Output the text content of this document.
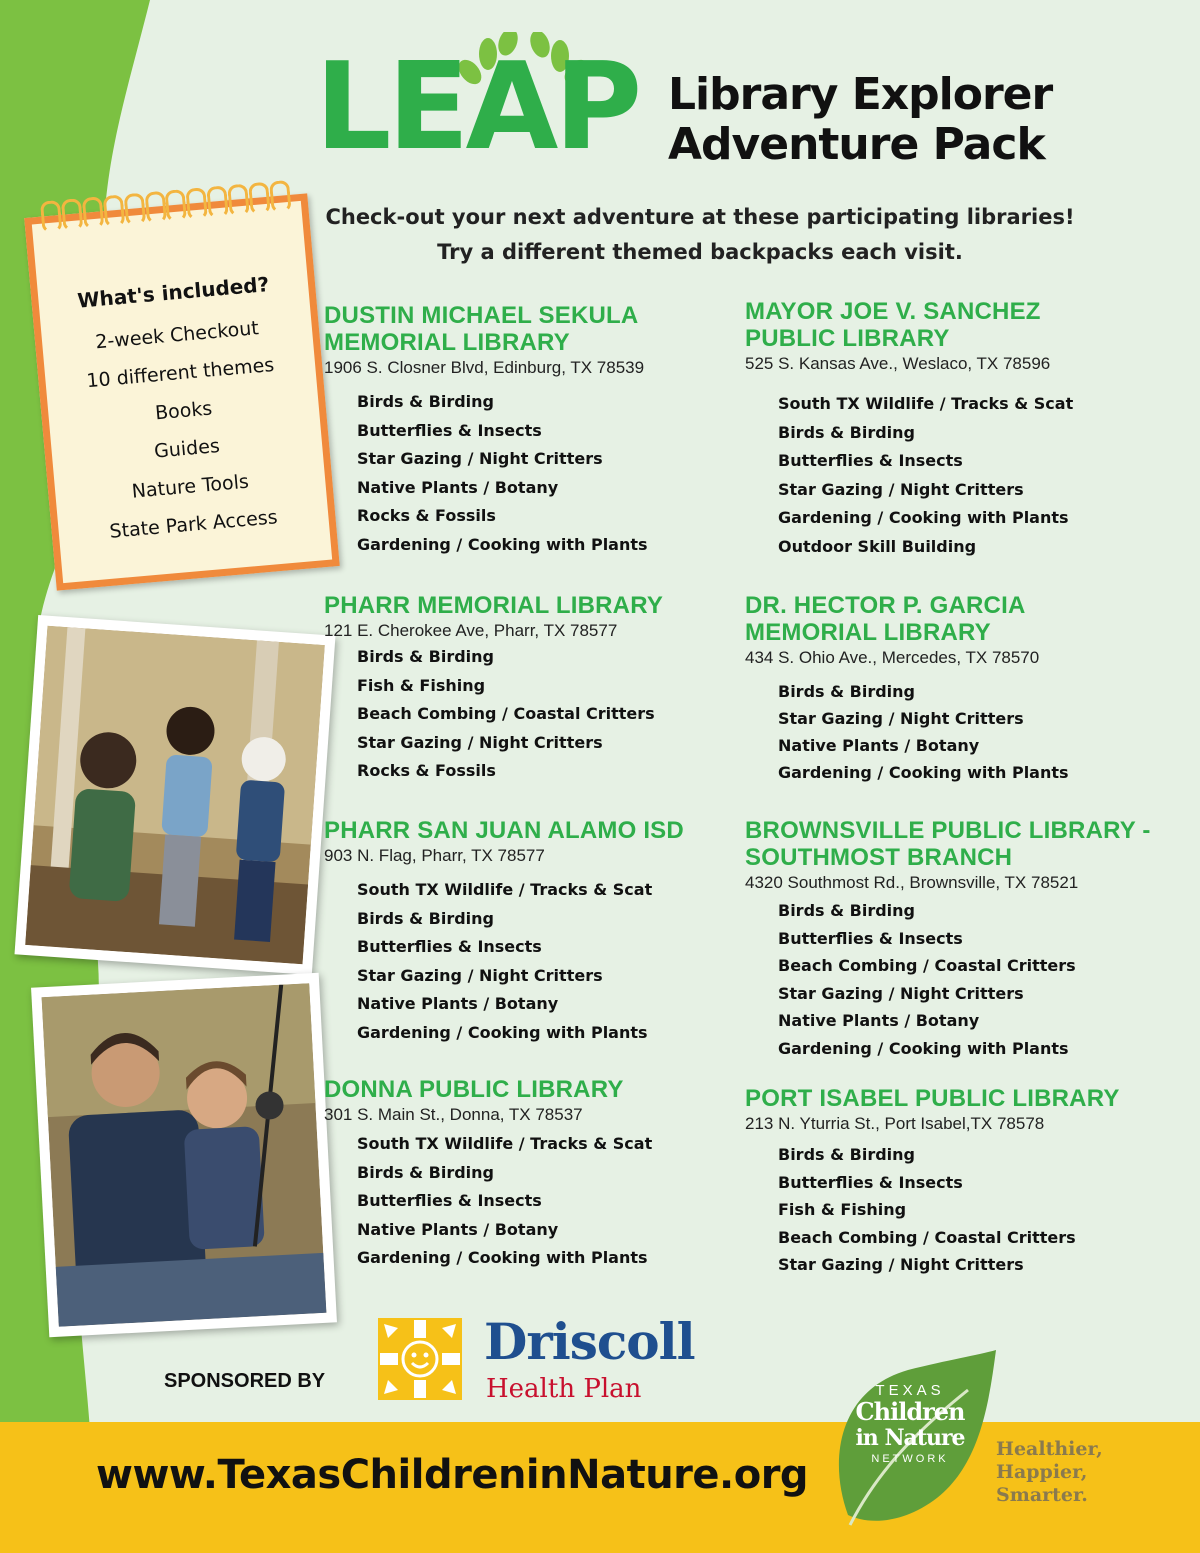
LEAP Library Explorer
Adventure Pack
Check-out your next adventure at these participating libraries!
Try a different themed backpacks each visit.
What's included?
2-week Checkout
10 different themes
Books
Guides
Nature Tools
State Park Access
DUSTIN MICHAEL SEKULA
MEMORIAL LIBRARY
1906 S. Closner Blvd, Edinburg, TX 78539
Birds & Birding
Butterflies & Insects
Star Gazing / Night Critters
Native Plants / Botany
Rocks & Fossils
Gardening / Cooking with Plants
PHARR MEMORIAL LIBRARY
121 E. Cherokee Ave, Pharr, TX 78577
Birds & Birding
Fish & Fishing
Beach Combing / Coastal Critters
Star Gazing / Night Critters
Rocks & Fossils
PHARR SAN JUAN ALAMO ISD
903 N. Flag, Pharr, TX 78577
South TX Wildlife / Tracks & Scat
Birds & Birding
Butterflies & Insects
Star Gazing / Night Critters
Native Plants / Botany
Gardening / Cooking with Plants
DONNA PUBLIC LIBRARY
301 S. Main St., Donna, TX 78537
South TX Wildlife / Tracks & Scat
Birds & Birding
Butterflies & Insects
Native Plants / Botany
Gardening / Cooking with Plants
MAYOR JOE V. SANCHEZ
PUBLIC LIBRARY
525 S. Kansas Ave., Weslaco, TX 78596
South TX Wildlife / Tracks & Scat
Birds & Birding
Butterflies & Insects
Star Gazing / Night Critters
Gardening / Cooking with Plants
Outdoor Skill Building
DR. HECTOR P. GARCIA
MEMORIAL LIBRARY
434 S. Ohio Ave., Mercedes, TX 78570
Birds & Birding
Star Gazing / Night Critters
Native Plants / Botany
Gardening / Cooking with Plants
BROWNSVILLE PUBLIC LIBRARY -
SOUTHMOST BRANCH
4320 Southmost Rd., Brownsville, TX 78521
Birds & Birding
Butterflies & Insects
Beach Combing / Coastal Critters
Star Gazing / Night Critters
Native Plants / Botany
Gardening / Cooking with Plants
PORT ISABEL PUBLIC LIBRARY
213 N. Yturria St., Port Isabel,TX 78578
Birds & Birding
Butterflies & Insects
Fish & Fishing
Beach Combing / Coastal Critters
Star Gazing / Night Critters
SPONSORED BY
Driscoll
Health Plan
www.TexasChildreninNature.org
TEXAS
Children
in Nature
NETWORK	Healthier,
Happier,
Smarter.
